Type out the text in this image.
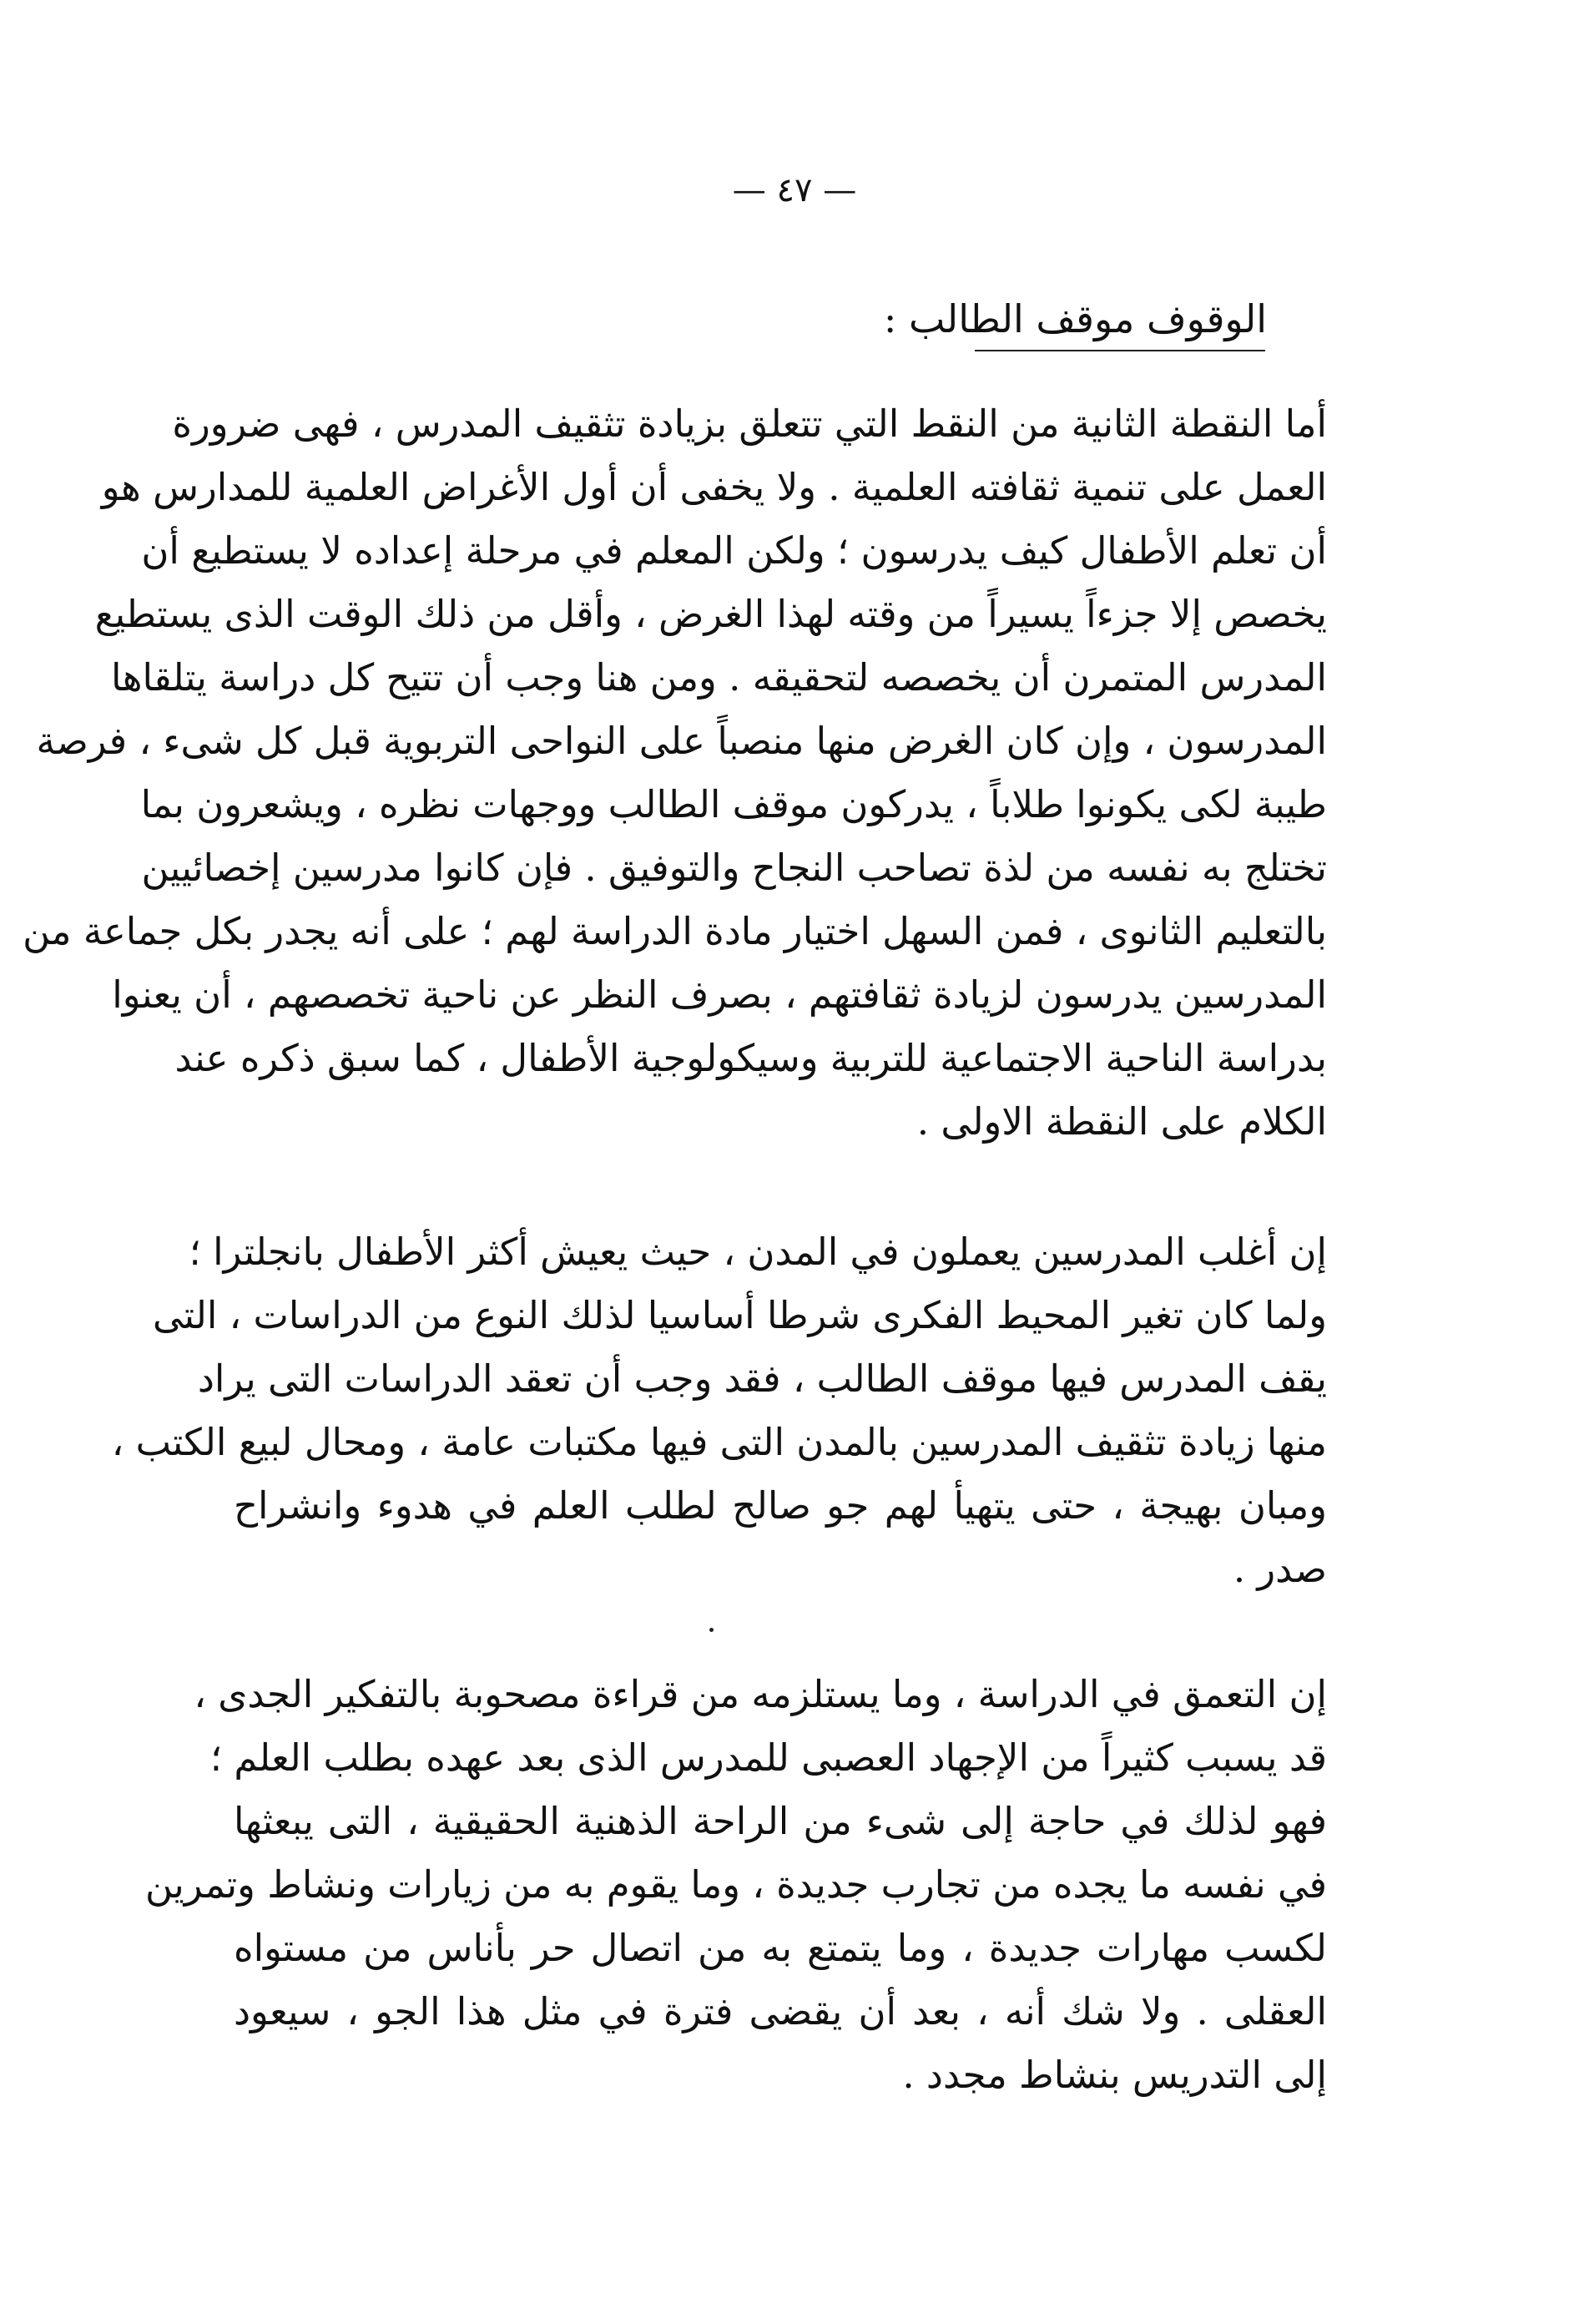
— ٤٧ —
الوقوف موقف الطالب :
أما النقطة الثانية من النقط التي تتعلق بزيادة تثقيف المدرس ، فهى ضرورة
العمل على تنمية ثقافته العلمية . ولا يخفى أن أول الأغراض العلمية للمدارس هو
أن تعلم الأطفال كيف يدرسون ؛ ولكن المعلم في مرحلة إعداده لا يستطيع أن
يخصص إلا جزءاً يسيراً من وقته لهذا الغرض ، وأقل من ذلك الوقت الذى يستطيع
المدرس المتمرن أن يخصصه لتحقيقه . ومن هنا وجب أن تتيح كل دراسة يتلقاها
المدرسون ، وإن كان الغرض منها منصباً على النواحى التربوية قبل كل شىء ، فرصة
طيبة لكى يكونوا طلاباً ، يدركون موقف الطالب ووجهات نظره ، ويشعرون بما
تختلج به نفسه من لذة تصاحب النجاح والتوفيق . فإن كانوا مدرسين إخصائيين
بالتعليم الثانوى ، فمن السهل اختيار مادة الدراسة لهم ؛ على أنه يجدر بكل جماعة من
المدرسين يدرسون لزيادة ثقافتهم ، بصرف النظر عن ناحية تخصصهم ، أن يعنوا
بدراسة الناحية الاجتماعية للتربية وسيكولوجية الأطفال ، كما سبق ذكره عند
الكلام على النقطة الاولى .
إن أغلب المدرسين يعملون في المدن ، حيث يعيش أكثر الأطفال بانجلترا ؛
ولما كان تغير المحيط الفكرى شرطا أساسيا لذلك النوع من الدراسات ، التى
يقف المدرس فيها موقف الطالب ، فقد وجب أن تعقد الدراسات التى يراد
منها زيادة تثقيف المدرسين بالمدن التى فيها مكتبات عامة ، ومحال لبيع الكتب ،
ومبان بهيجة ، حتى يتهيأ لهم جو صالح لطلب العلم في هدوء وانشراح
صدر .
إن التعمق في الدراسة ، وما يستلزمه من قراءة مصحوبة بالتفكير الجدى ،
قد يسبب كثيراً من الإجهاد العصبى للمدرس الذى بعد عهده بطلب العلم ؛
فهو لذلك في حاجة إلى شىء من الراحة الذهنية الحقيقية ، التى يبعثها
في نفسه ما يجده من تجارب جديدة ، وما يقوم به من زيارات ونشاط وتمرين
لكسب مهارات جديدة ، وما يتمتع به من اتصال حر بأناس من مستواه
العقلى . ولا شك أنه ، بعد أن يقضى فترة في مثل هذا الجو ، سيعود
إلى التدريس بنشاط مجدد .
